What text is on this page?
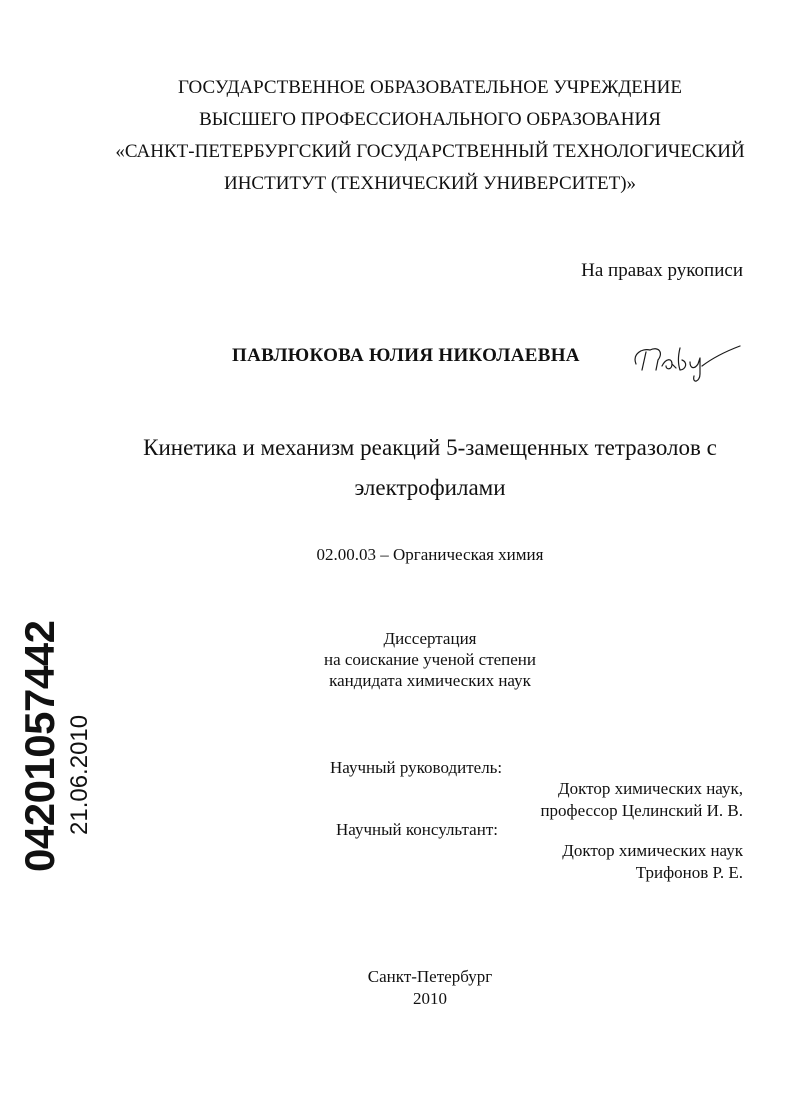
ГОСУДАРСТВЕННОЕ ОБРАЗОВАТЕЛЬНОЕ УЧРЕЖДЕНИЕ
ВЫСШЕГО ПРОФЕССИОНАЛЬНОГО ОБРАЗОВАНИЯ
«САНКТ-ПЕТЕРБУРГСКИЙ ГОСУДАРСТВЕННЫЙ ТЕХНОЛОГИЧЕСКИЙ
ИНСТИТУТ (ТЕХНИЧЕСКИЙ УНИВЕРСИТЕТ)»
На правах рукописи
ПАВЛЮКОВА ЮЛИЯ НИКОЛАЕВНА
Кинетика и механизм реакций 5-замещенных тетразолов с
электрофилами
02.00.03 – Органическая химия
Диссертация
на соискание ученой степени
кандидата химических наук
Научный руководитель:
Доктор химических наук,
профессор Целинский И. В.
Научный консультант:
Доктор химических наук
Трифонов Р. Е.
Санкт-Петербург
2010
04201057442 21.06.2010
